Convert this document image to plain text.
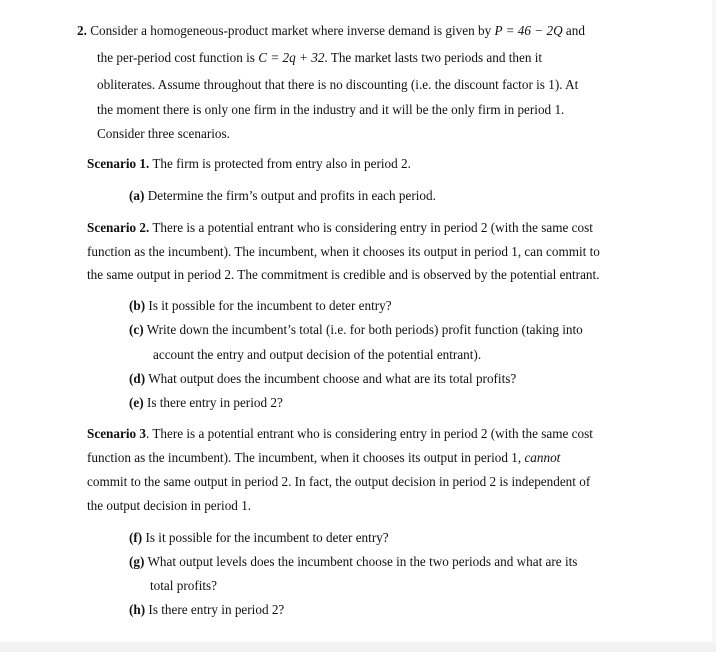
2. Consider a homogeneous-product market where inverse demand is given by P = 46 − 2Q and
the per-period cost function is C = 2q + 32. The market lasts two periods and then it
obliterates. Assume throughout that there is no discounting (i.e. the discount factor is 1). At
the moment there is only one firm in the industry and it will be the only firm in period 1.
Consider three scenarios.
Scenario 1. The firm is protected from entry also in period 2.
(a) Determine the firm’s output and profits in each period.
Scenario 2. There is a potential entrant who is considering entry in period 2 (with the same cost
function as the incumbent). The incumbent, when it chooses its output in period 1, can commit to
the same output in period 2. The commitment is credible and is observed by the potential entrant.
(b) Is it possible for the incumbent to deter entry?
(c) Write down the incumbent’s total (i.e. for both periods) profit function (taking into
account the entry and output decision of the potential entrant).
(d) What output does the incumbent choose and what are its total profits?
(e) Is there entry in period 2?
Scenario 3. There is a potential entrant who is considering entry in period 2 (with the same cost
function as the incumbent). The incumbent, when it chooses its output in period 1, cannot
commit to the same output in period 2. In fact, the output decision in period 2 is independent of
the output decision in period 1.
(f) Is it possible for the incumbent to deter entry?
(g) What output levels does the incumbent choose in the two periods and what are its
total profits?
(h) Is there entry in period 2?
